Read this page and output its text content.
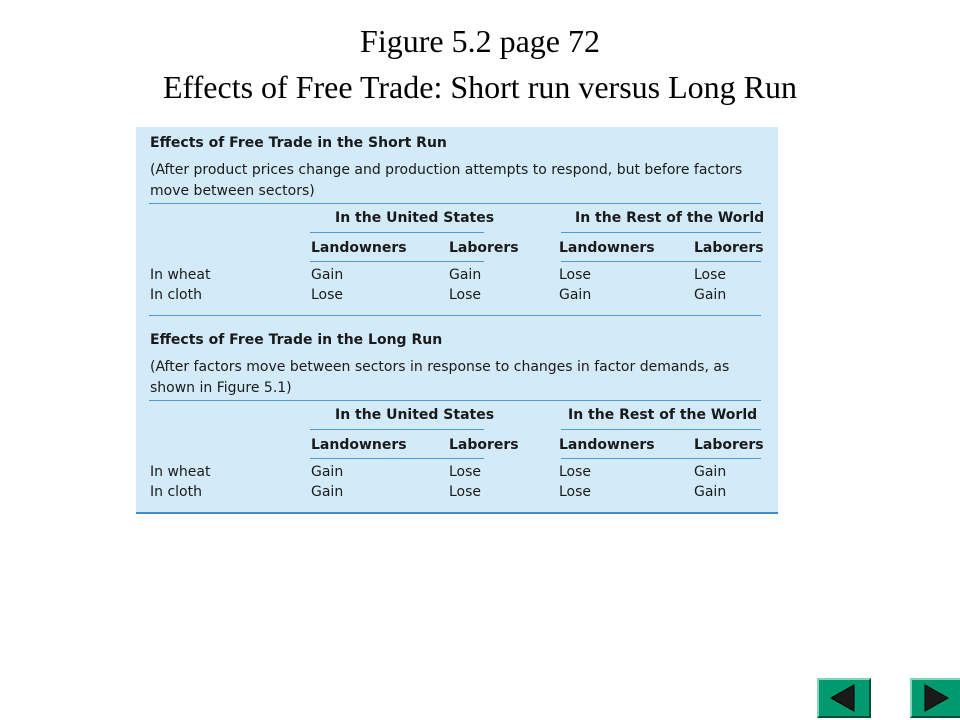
Figure 5.2 page 72
Effects of Free Trade: Short run versus Long Run
Effects of Free Trade in the Short Run
(After product prices change and production attempts to respond, but before factors move between sectors)
In the United States	In the Rest of the World
Landowners	Laborers	Landowners	Laborers
In wheat	Gain	Gain	Lose	Lose
In cloth	Lose	Lose	Gain	Gain
Effects of Free Trade in the Long Run
(After factors move between sectors in response to changes in factor demands, as shown in Figure 5.1)
In the United States	In the Rest of the World
Landowners	Laborers	Landowners	Laborers
In wheat	Gain	Lose	Lose	Gain
In cloth	Gain	Lose	Lose	Gain
